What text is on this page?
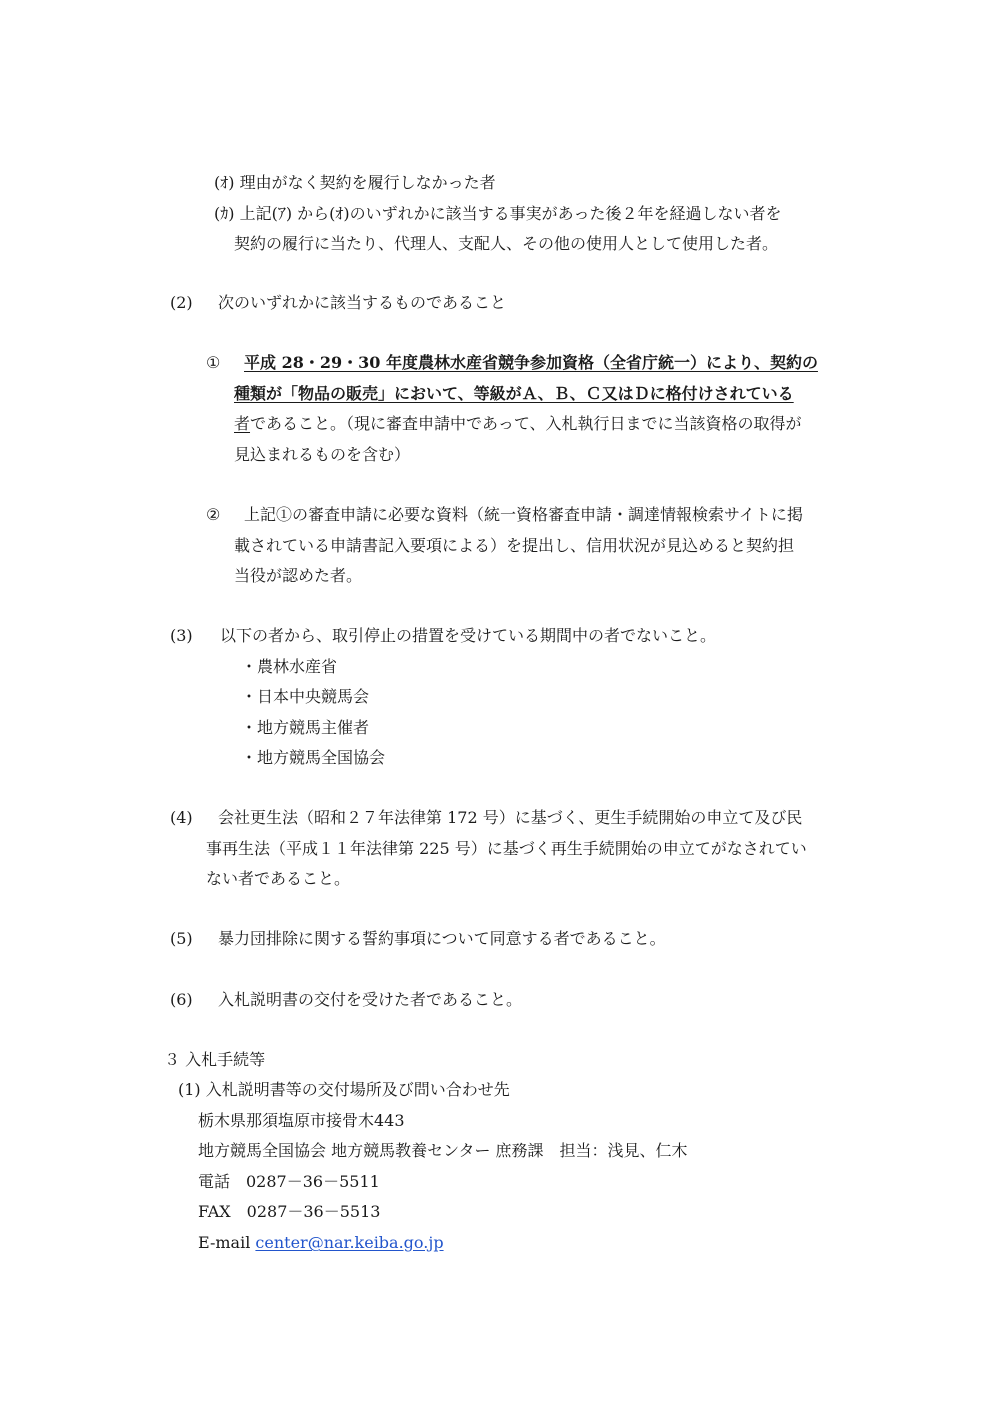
(ｵ) 理由がなく契約を履行しなかった者
(ｶ) 上記(ｱ) から(ｵ)のいずれかに該当する事実があった後２年を経過しない者を
契約の履行に当たり、代理人、支配人、その他の使用人として使用した者。
(2) 次のいずれかに該当するものであること
① 平成 28・29・30 年度農林水産省競争参加資格（全省庁統一）により、契約の
種類が「物品の販売」において、等級がＡ、Ｂ、Ｃ又はＤに格付けされている
者であること。（現に審査申請中であって、入札執行日までに当該資格の取得が
見込まれるものを含む）
② 上記①の審査申請に必要な資料（統一資格審査申請・調達情報検索サイトに掲
載されている申請書記入要項による）を提出し、信用状況が見込めると契約担
当役が認めた者。
(3) 以下の者から、取引停止の措置を受けている期間中の者でないこと。
・農林水産省
・日本中央競馬会
・地方競馬主催者
・地方競馬全国協会
(4) 会社更生法（昭和２７年法律第 172 号）に基づく、更生手続開始の申立て及び民
事再生法（平成１１年法律第 225 号）に基づく再生手続開始の申立てがなされてい
ない者であること。
(5) 暴力団排除に関する誓約事項について同意する者であること。
(6) 入札説明書の交付を受けた者であること。
３ 入札手続等
(1) 入札説明書等の交付場所及び問い合わせ先
栃木県那須塩原市接骨木443
地方競馬全国協会 地方競馬教養センター 庶務課　担当：浅見、仁木
電話　0287－36－5511
FAX　0287－36－5513
E-mail center@nar.keiba.go.jp
